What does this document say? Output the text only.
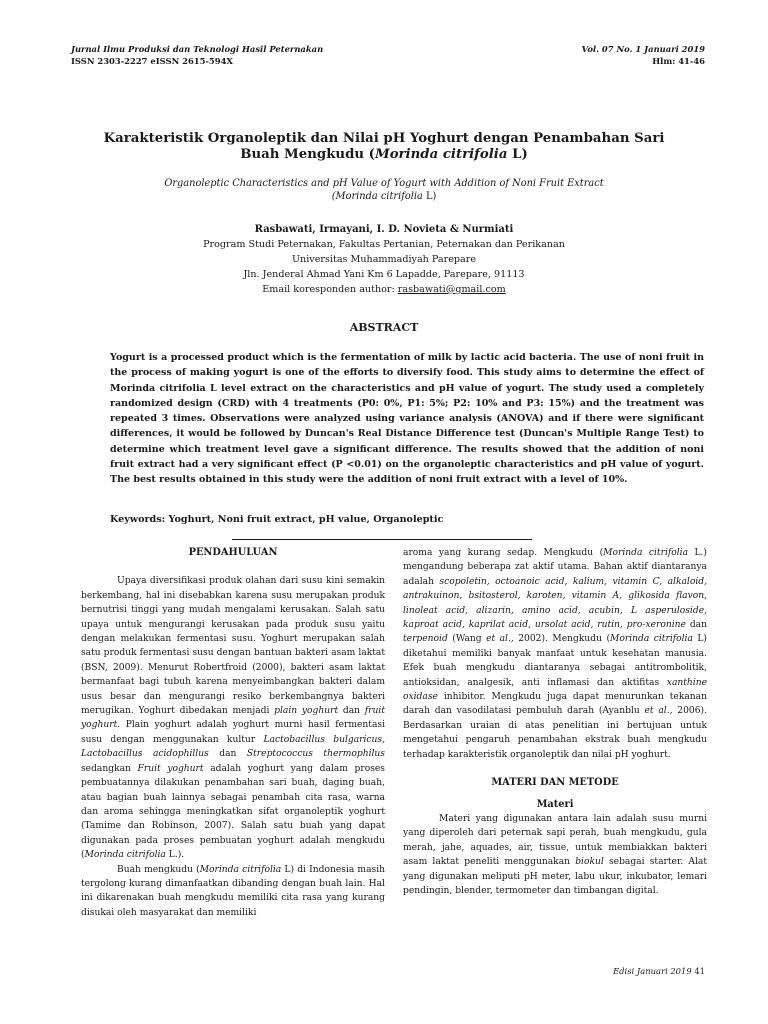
Jurnal Ilmu Produksi dan Teknologi Hasil Peternakan
ISSN 2303-2227 eISSN 2615-594X
Vol. 07 No. 1 Januari 2019
Hlm: 41-46
Karakteristik Organoleptik dan Nilai pH Yoghurt dengan Penambahan Sari Buah Mengkudu (Morinda citrifolia L)
Organoleptic Characteristics and pH Value of Yogurt with Addition of Noni Fruit Extract
(Morinda citrifolia L)
Rasbawati, Irmayani, I. D. Novieta & Nurmiati
Program Studi Peternakan, Fakultas Pertanian, Peternakan dan Perikanan
Universitas Muhammadiyah Parepare
Jln. Jenderal Ahmad Yani Km 6 Lapadde, Parepare, 91113
Email koresponden author: rasbawati@gmail.com
ABSTRACT
Yogurt is a processed product which is the fermentation of milk by lactic acid bacteria. The use of noni fruit in the process of making yogurt is one of the efforts to diversify food. This study aims to determine the effect of Morinda citrifolia L level extract on the characteristics and pH value of yogurt. The study used a completely randomized design (CRD) with 4 treatments (P0: 0%, P1: 5%; P2: 10% and P3: 15%) and the treatment was repeated 3 times. Observations were analyzed using variance analysis (ANOVA) and if there were significant differences, it would be followed by Duncan's Real Distance Difference test (Duncan's Multiple Range Test) to determine which treatment level gave a significant difference. The results showed that the addition of noni fruit extract had a very significant effect (P <0.01) on the organoleptic characteristics and pH value of yogurt. The best results obtained in this study were the addition of noni fruit extract with a level of 10%.
Keywords: Yoghurt, Noni fruit extract, pH value, Organoleptic

PENDAHULUAN

Upaya diversifikasi produk olahan dari susu kini semakin berkembang, hal ini disebabkan karena susu merupakan produk bernutrisi tinggi yang mudah mengalami kerusakan. Salah satu upaya untuk mengurangi kerusakan pada produk susu yaitu dengan melakukan fermentasi susu. Yoghurt merupakan salah satu produk fermentasi susu dengan bantuan bakteri asam laktat (BSN, 2009). Menurut Robertfroid (2000), bakteri asam laktat bermanfaat bagi tubuh karena menyeimbangkan bakteri dalam usus besar dan mengurangi resiko berkembangnya bakteri merugikan. Yoghurt dibedakan menjadi plain yoghurt dan fruit yoghurt. Plain yoghurt adalah yoghurt murni hasil fermentasi susu dengan menggunakan kultur Lactobacillus bulgaricus, Lactobacillus acidophillus dan Streptococcus thermophilus sedangkan Fruit yoghurt adalah yoghurt yang dalam proses pembuatannya dilakukan penambahan sari buah, daging buah, atau bagian buah lainnya sebagai penambah cita rasa, warna dan aroma sehingga meningkatkan sifat organoleptik yoghurt (Tamime dan Robinson, 2007). Salah satu buah yang dapat digunakan pada proses pembuatan yoghurt adalah mengkudu (Morinda citrifolia L.).

Buah mengkudu (Morinda citrifolia L) di Indonesia masih tergolong kurang dimanfaatkan dibanding dengan buah lain. Hal ini dikarenakan buah mengkudu memiliki cita rasa yang kurang disukai oleh masyarakat dan memiliki

aroma yang kurang sedap. Mengkudu (Morinda citrifolia L.) mengandung beberapa zat aktif utama. Bahan aktif diantaranya adalah scopoletin, octoanoic acid, kalium, vitamin C, alkaloid, antrakuinon, bsitosterol, karoten, vitamin A, glikosida flavon, linoleat acid, alizarin, amino acid, acubin, L asperuloside, kaproat acid, kaprilat acid, ursolat acid, rutin, pro-xeronine dan terpenoid (Wang et al., 2002). Mengkudu (Morinda citrifolia L) diketahui memiliki banyak manfaat untuk kesehatan manusia. Efek buah mengkudu diantaranya sebagai antitrombolitik, antioksidan, analgesik, anti inflamasi dan aktifitas xanthine oxidase inhibitor. Mengkudu juga dapat menurunkan tekanan darah dan vasodilatasi pembuluh darah (Ayanblu et al., 2006). Berdasarkan uraian di atas penelitian ini bertujuan untuk mengetahui pengaruh penambahan ekstrak buah mengkudu terhadap karakteristik organoleptik dan nilai pH yoghurt.

MATERI DAN METODE

Materi

Materi yang digunakan antara lain adalah susu murni yang diperoleh dari peternak sapi perah, buah mengkudu, gula merah, jahe, aquades, air, tissue, untuk membiakkan bakteri asam laktat peneliti menggunakan biokul sebagai starter. Alat yang digunakan meliputi pH meter, labu ukur, inkubator, lemari pendingin, blender, termometer dan timbangan digital.

Edisi Januari 2019 41
